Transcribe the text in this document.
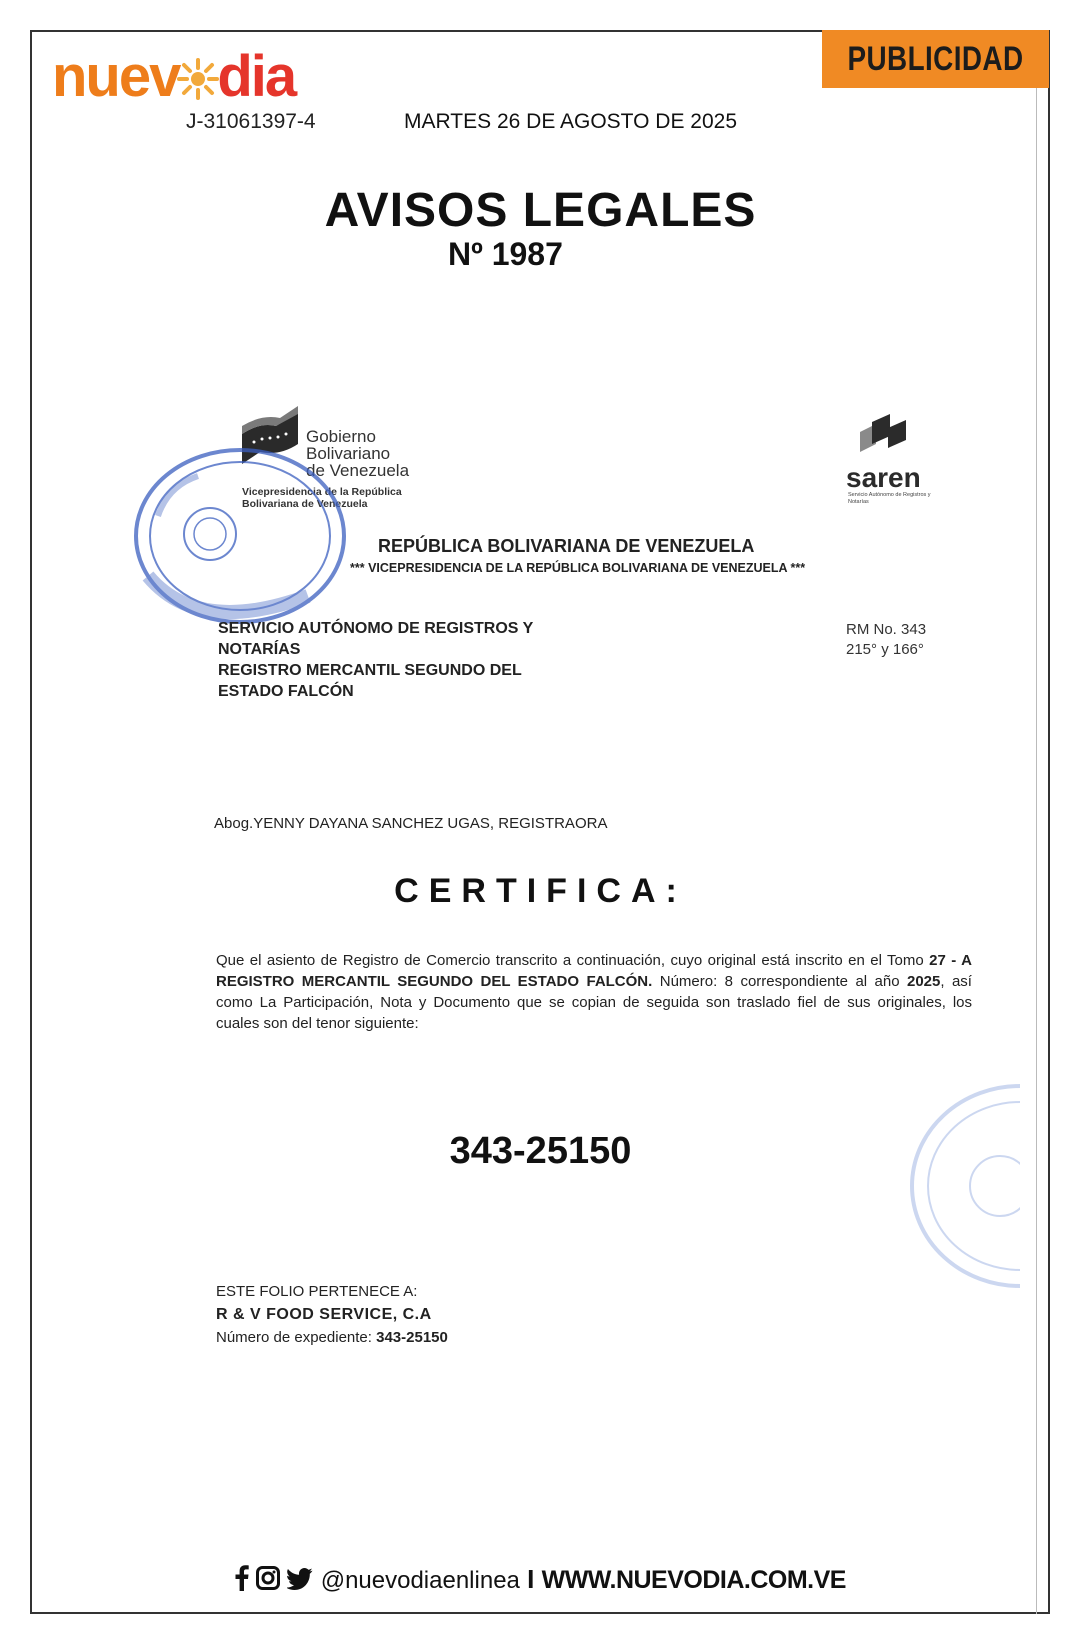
nuev dia
J-31061397-4	MARTES 26 DE AGOSTO DE 2025
PUBLICIDAD
AVISOS LEGALES
Nº 1987
Gobierno
Bolivariano
de Venezuela
Vicepresidencia de la República
Bolivariana de Venezuela
saren
Servicio Autónomo de Registros y Notarías
REPÚBLICA BOLIVARIANA DE VENEZUELA
*** VICEPRESIDENCIA DE LA REPÚBLICA BOLIVARIANA DE VENEZUELA ***
SERVICIO AUTÓNOMO DE REGISTROS Y
NOTARÍAS
REGISTRO MERCANTIL SEGUNDO DEL
ESTADO FALCÓN
RM No. 343
215° y 166°
Abog.YENNY DAYANA SANCHEZ UGAS, REGISTRAORA
CERTIFICA:
Que el asiento de Registro de Comercio transcrito a continuación, cuyo original está inscrito en el Tomo 27 - A REGISTRO MERCANTIL SEGUNDO DEL ESTADO FALCÓN. Número: 8 correspondiente al año 2025, así como La Participación, Nota y Documento que se copian de seguida son traslado fiel de sus originales, los cuales son del tenor siguiente:
343-25150
ESTE FOLIO PERTENECE A:
R & V FOOD SERVICE, C.A
Número de expediente: 343-25150
@nuevodiaenlinea I WWW.NUEVODIA.COM.VE
